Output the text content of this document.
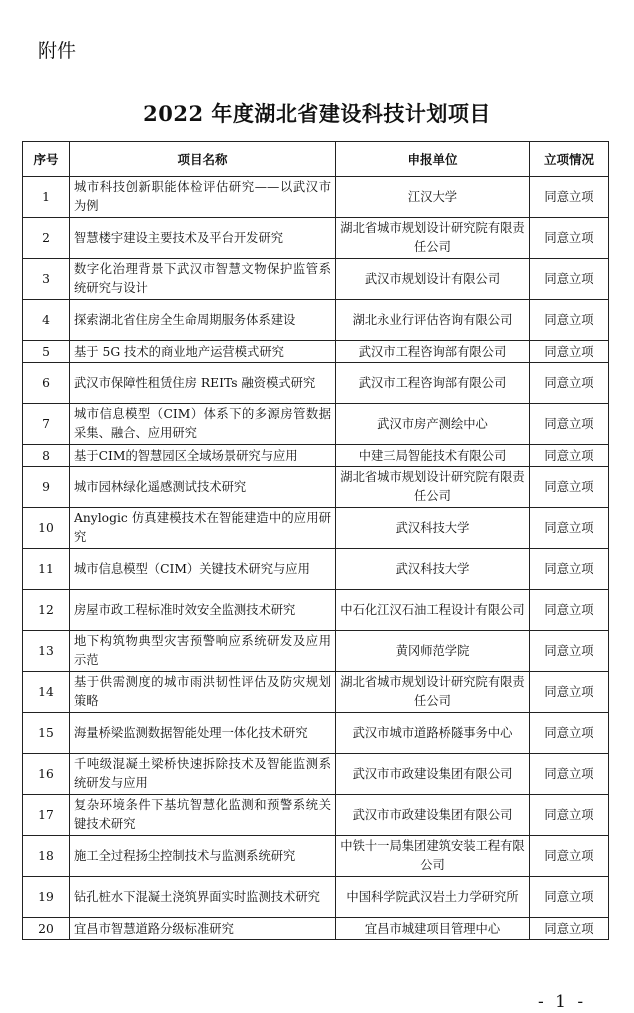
附件
2022 年度湖北省建设科技计划项目
序号	项目名称	申报单位	立项情况
1	城市科技创新职能体检评估研究——以武汉市为例	江汉大学	同意立项
2	智慧楼宇建设主要技术及平台开发研究	湖北省城市规划设计研究院有限责任公司	同意立项
3	数字化治理背景下武汉市智慧文物保护监管系统研究与设计	武汉市规划设计有限公司	同意立项
4	探索湖北省住房全生命周期服务体系建设	湖北永业行评估咨询有限公司	同意立项
5	基于 5G 技术的商业地产运营模式研究	武汉市工程咨询部有限公司	同意立项
6	武汉市保障性租赁住房 REITs 融资模式研究	武汉市工程咨询部有限公司	同意立项
7	城市信息模型（CIM）体系下的多源房管数据采集、融合、应用研究	武汉市房产测绘中心	同意立项
8	基于CIM的智慧园区全域场景研究与应用	中建三局智能技术有限公司	同意立项
9	城市园林绿化遥感测试技术研究	湖北省城市规划设计研究院有限责任公司	同意立项
10	Anylogic 仿真建模技术在智能建造中的应用研究	武汉科技大学	同意立项
11	城市信息模型（CIM）关键技术研究与应用	武汉科技大学	同意立项
12	房屋市政工程标准时效安全监测技术研究	中石化江汉石油工程设计有限公司	同意立项
13	地下构筑物典型灾害预警响应系统研发及应用示范	黄冈师范学院	同意立项
14	基于供需测度的城市雨洪韧性评估及防灾规划策略	湖北省城市规划设计研究院有限责任公司	同意立项
15	海量桥梁监测数据智能处理一体化技术研究	武汉市城市道路桥隧事务中心	同意立项
16	千吨级混凝土梁桥快速拆除技术及智能监测系统研发与应用	武汉市市政建设集团有限公司	同意立项
17	复杂环境条件下基坑智慧化监测和预警系统关键技术研究	武汉市市政建设集团有限公司	同意立项
18	施工全过程扬尘控制技术与监测系统研究	中铁十一局集团建筑安装工程有限公司	同意立项
19	钻孔桩水下混凝土浇筑界面实时监测技术研究	中国科学院武汉岩土力学研究所	同意立项
20	宜昌市智慧道路分级标准研究	宜昌市城建项目管理中心	同意立项
- 1 -
